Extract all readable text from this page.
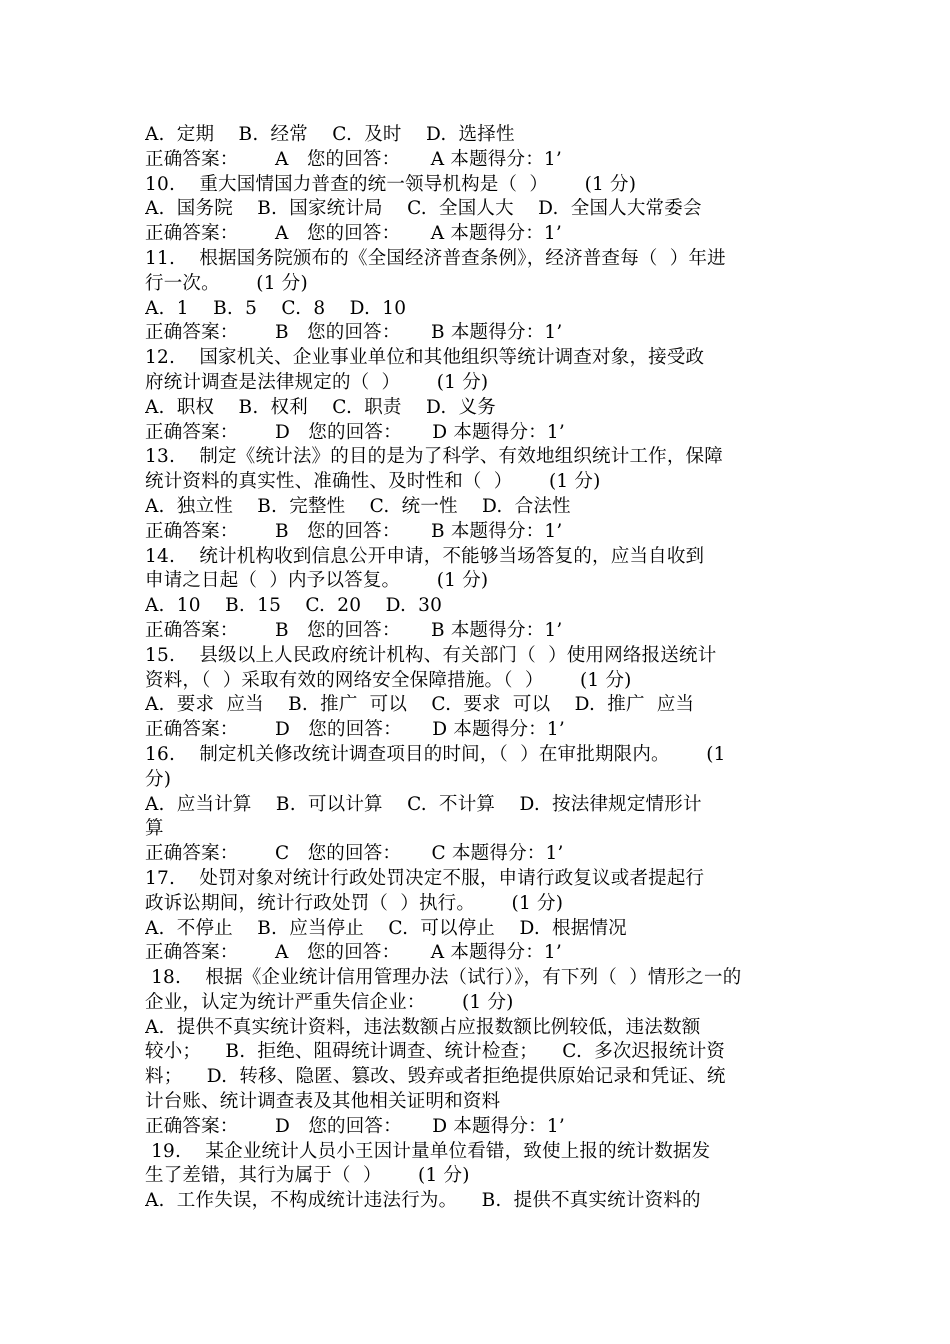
A.  定期    B.  经常    C.  及时    D.  选择性
正确答案： A 您的回答： A 本题得分：1’
10.    重大国情国力普查的统一领导机构是（  ）      (1 分)
A.  国务院    B.  国家统计局    C.  全国人大    D.  全国人大常委会
正确答案： A 您的回答： A 本题得分：1’
11.    根据国务院颁布的《全国经济普查条例》，经济普查每（  ）年进
行一次。      (1 分)
A.  1    B.  5    C.  8    D.  10
正确答案： B 您的回答： B 本题得分：1’
12.    国家机关、企业事业单位和其他组织等统计调查对象，接受政
府统计调查是法律规定的（  ）      (1 分)
A.  职权    B.  权利    C.  职责    D.  义务
正确答案： D 您的回答： D 本题得分：1’
13.    制定《统计法》的目的是为了科学、有效地组织统计工作，保障
统计资料的真实性、准确性、及时性和（  ）      (1 分)
A.  独立性    B.  完整性    C.  统一性    D.  合法性
正确答案： B 您的回答： B 本题得分：1’
14.    统计机构收到信息公开申请，不能够当场答复的，应当自收到
申请之日起（  ）内予以答复。      (1 分)
A.  10    B.  15    C.  20    D.  30
正确答案： B 您的回答： B 本题得分：1’
15.    县级以上人民政府统计机构、有关部门（  ）使用网络报送统计
资料，（  ）采取有效的网络安全保障措施。（  ）      (1 分)
A.  要求  应当    B.  推广  可以    C.  要求  可以    D.  推广  应当
正确答案： D 您的回答： D 本题得分：1’
16.    制定机关修改统计调查项目的时间，（  ）在审批期限内。      (1
分)
A.  应当计算    B.  可以计算    C.  不计算    D.  按法律规定情形计
算
正确答案： C 您的回答： C 本题得分：1’
17.    处罚对象对统计行政处罚决定不服，申请行政复议或者提起行
政诉讼期间，统计行政处罚（  ）执行。      (1 分)
A.  不停止    B.  应当停止    C.  可以停止    D.  根据情况
正确答案： A 您的回答： A 本题得分：1’
18.    根据《企业统计信用管理办法（试行）》，有下列（  ）情形之一的
企业，认定为统计严重失信企业：      (1 分)
A.  提供不真实统计资料，违法数额占应报数额比例较低，违法数额
较小；    B.  拒绝、阻碍统计调查、统计检查；    C.  多次迟报统计资
料；    D.  转移、隐匿、篡改、毁弃或者拒绝提供原始记录和凭证、统
计台账、统计调查表及其他相关证明和资料
正确答案： D 您的回答： D 本题得分：1’
19.    某企业统计人员小王因计量单位看错，致使上报的统计数据发
生了差错，其行为属于（  ）      (1 分)
A.  工作失误，不构成统计违法行为。    B.  提供不真实统计资料的
